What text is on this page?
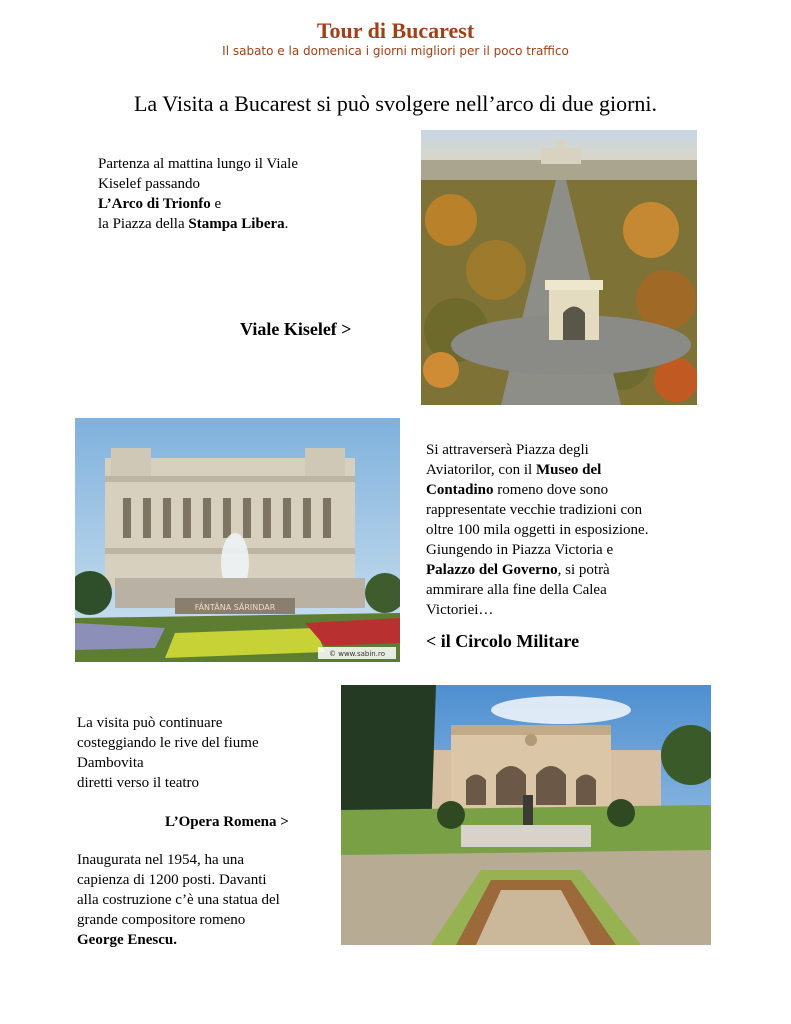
Tour di Bucarest
Il sabato e la domenica i giorni migliori per il poco traffico
La Visita a Bucarest si può svolgere nell’arco di due giorni.
Partenza al mattina lungo il Viale
Kiselef passando
L’Arco di Trionfo e
la Piazza della Stampa Libera.
Viale Kiselef >
FÂNTÂNA SĂRINDAR
© www.sabin.ro
Si attraverserà Piazza degli
Aviatorilor, con il Museo del
Contadino romeno dove sono
rappresentate vecchie tradizioni con
oltre 100 mila oggetti in esposizione.
Giungendo in Piazza Victoria e
Palazzo del Governo, si potrà
ammirare alla fine della Calea
Victoriei…
< il Circolo Militare
La visita può continuare
costeggiando le rive del fiume
Dambovita
diretti verso il teatro
L’Opera Romena >
Inaugurata nel 1954, ha una
capienza di 1200 posti. Davanti
alla costruzione c’è una statua del
grande compositore romeno
George Enescu.
